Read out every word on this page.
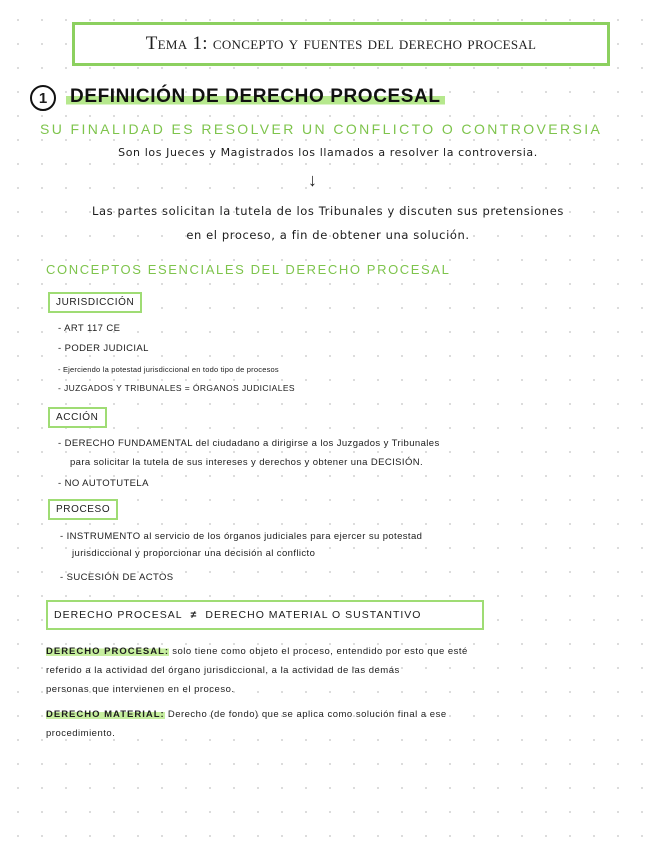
Tema 1: concepto y fuentes del derecho procesal
1	DEFINICIÓN DE DERECHO PROCESAL
SU FINALIDAD ES RESOLVER UN CONFLICTO O CONTROVERSIA
Son los Jueces y Magistrados los llamados a resolver la controversia.
↓
Las partes solicitan la tutela de los Tribunales y discuten sus pretensiones
en el proceso, a fin de obtener una solución.
CONCEPTOS ESENCIALES DEL DERECHO PROCESAL
JURISDICCIÓN
- ART 117 CE
- PODER JUDICIAL
- Ejerciendo la potestad jurisdiccional en todo tipo de procesos
- JUZGADOS Y TRIBUNALES = ÓRGANOS JUDICIALES
ACCIÓN
- DERECHO FUNDAMENTAL del ciudadano a dirigirse a los Juzgados y Tribunales
para solicitar la tutela de sus intereses y derechos y obtener una DECISIÓN.
- NO AUTOTUTELA
PROCESO
- INSTRUMENTO al servicio de los órganos judiciales para ejercer su potestad
jurisdiccional y proporcionar una decisión al conflicto
- SUCESIÓN DE ACTOS
DERECHO PROCESAL ≠ DERECHO MATERIAL O SUSTANTIVO
DERECHO PROCESAL: solo tiene como objeto el proceso, entendido por esto que esté
referido a la actividad del órgano jurisdiccional, a la actividad de las demás
personas que intervienen en el proceso.
DERECHO MATERIAL: Derecho (de fondo) que se aplica como solución final a ese
procedimiento.
